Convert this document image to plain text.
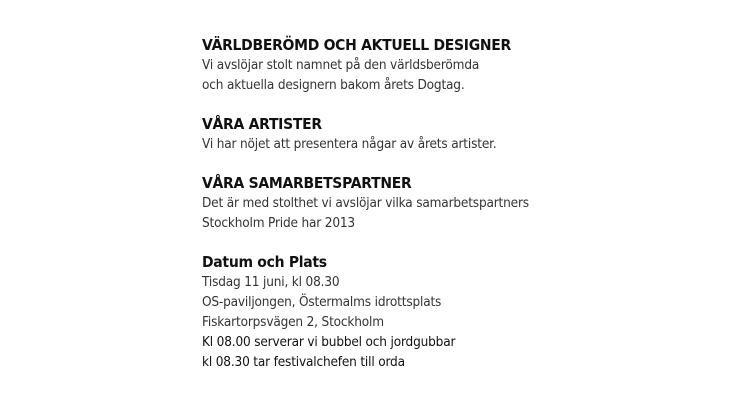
VÄRLDBERÖMD OCH AKTUELL DESIGNER

Vi avslöjar stolt namnet på den världsberömda

och aktuella designern bakom årets Dogtag.

VÅRA ARTISTER

Vi har nöjet att presentera någar av årets artister.

VÅRA SAMARBETSPARTNER

Det är med stolthet vi avslöjar vilka samarbetspartners

Stockholm Pride har 2013

Datum och Plats

Tisdag 11 juni, kl 08.30

OS-paviljongen, Östermalms idrottsplats

Fiskartorpsvägen 2, Stockholm

Kl 08.00 serverar vi bubbel och jordgubbar

kl 08.30 tar festivalchefen till orda
